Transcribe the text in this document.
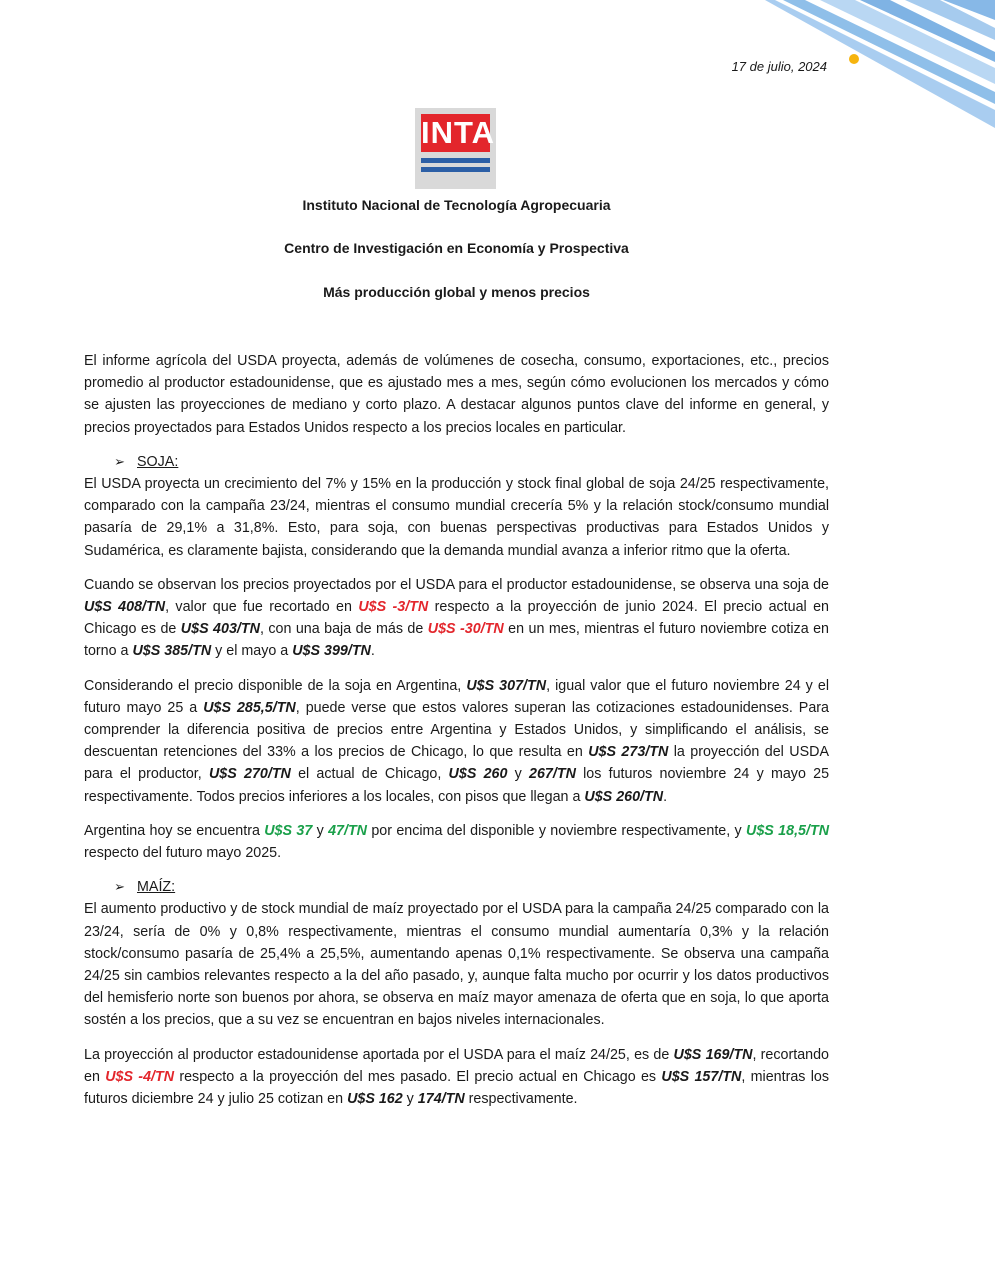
17 de julio, 2024
INTA
Instituto Nacional de Tecnología Agropecuaria
Centro de Investigación en Economía y Prospectiva
Más producción global y menos precios

El informe agrícola del USDA proyecta, además de volúmenes de cosecha, consumo, exportaciones, etc., precios promedio al productor estadounidense, que es ajustado mes a mes, según cómo evolucionen los mercados y cómo se ajusten las proyecciones de mediano y corto plazo. A destacar algunos puntos clave del informe en general, y precios proyectados para Estados Unidos respecto a los precios locales en particular.

➢ SOJA:

El USDA proyecta un crecimiento del 7% y 15% en la producción y stock final global de soja 24/25 respectivamente, comparado con la campaña 23/24, mientras el consumo mundial crecería 5% y la relación stock/consumo mundial pasaría de 29,1% a 31,8%. Esto, para soja, con buenas perspectivas productivas para Estados Unidos y Sudamérica, es claramente bajista, considerando que la demanda mundial avanza a inferior ritmo que la oferta.

Cuando se observan los precios proyectados por el USDA para el productor estadounidense, se observa una soja de U$S 408/TN, valor que fue recortado en U$S -3/TN respecto a la proyección de junio 2024. El precio actual en Chicago es de U$S 403/TN, con una baja de más de U$S -30/TN en un mes, mientras el futuro noviembre cotiza en torno a U$S 385/TN y el mayo a U$S 399/TN.

Considerando el precio disponible de la soja en Argentina, U$S 307/TN, igual valor que el futuro noviembre 24 y el futuro mayo 25 a U$S 285,5/TN, puede verse que estos valores superan las cotizaciones estadounidenses. Para comprender la diferencia positiva de precios entre Argentina y Estados Unidos, y simplificando el análisis, se descuentan retenciones del 33% a los precios de Chicago, lo que resulta en U$S 273/TN la proyección del USDA para el productor, U$S 270/TN el actual de Chicago, U$S 260 y 267/TN los futuros noviembre 24 y mayo 25 respectivamente. Todos precios inferiores a los locales, con pisos que llegan a U$S 260/TN.

Argentina hoy se encuentra U$S 37 y 47/TN por encima del disponible y noviembre respectivamente, y U$S 18,5/TN respecto del futuro mayo 2025.

➢ MAÍZ:

El aumento productivo y de stock mundial de maíz proyectado por el USDA para la campaña 24/25 comparado con la 23/24, sería de 0% y 0,8% respectivamente, mientras el consumo mundial aumentaría 0,3% y la relación stock/consumo pasaría de 25,4% a 25,5%, aumentando apenas 0,1% respectivamente. Se observa una campaña 24/25 sin cambios relevantes respecto a la del año pasado, y, aunque falta mucho por ocurrir y los datos productivos del hemisferio norte son buenos por ahora, se observa en maíz mayor amenaza de oferta que en soja, lo que aporta sostén a los precios, que a su vez se encuentran en bajos niveles internacionales.

La proyección al productor estadounidense aportada por el USDA para el maíz 24/25, es de U$S 169/TN, recortando en U$S -4/TN respecto a la proyección del mes pasado. El precio actual en Chicago es U$S 157/TN, mientras los futuros diciembre 24 y julio 25 cotizan en U$S 162 y 174/TN respectivamente.
